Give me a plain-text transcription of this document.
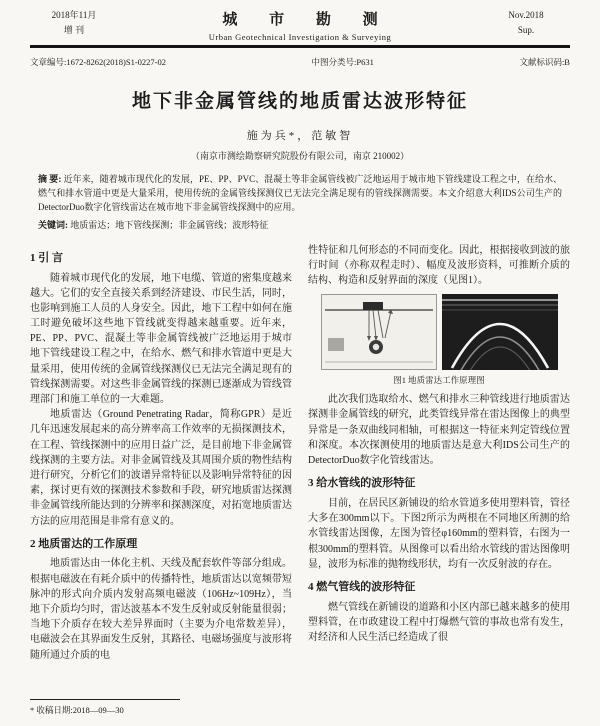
2018年11月
增 刊
城 市 勘 测
Urban Geotechnical Investigation & Surveying
Nov.2018
Sup.
文章编号:1672-8262(2018)S1-0227-02	中图分类号:P631	文献标识码:B
地下非金属管线的地质雷达波形特征
施为兵*，范敏智
（南京市测绘勘察研究院股份有限公司，南京 210002）

摘 要: 近年来，随着城市现代化的发展，PE、PP、PVC、混凝土等非金属管线被广泛地运用于城市地下管线建设工程之中，在给水、燃气和排水管道中更是大量采用，使用传统的金属管线探测仪已无法完全满足现有的管线探测需要。本文介绍意大利IDS公司生产的DetectorDuo数字化管线雷达在城市地下非金属管线探测中的应用。

关键词: 地质雷达；地下管线探测；非金属管线；波形特征

1 引 言

随着城市现代化的发展，地下电缆、管道的密集度越来越大。它们的安全直接关系到经济建设、市民生活，同时，也影响到施工人员的人身安全。因此，地下工程中如何在施工时避免破坏这些地下管线就变得越来越重要。近年来，PE、PP、PVC、混凝土等非金属管线被广泛地运用于城市地下管线建设工程之中，在给水、燃气和排水管道中更是大量采用，使用传统的金属管线探测仪已无法完全满足现有的管线探测需要。对这些非金属管线的探测已逐渐成为管线管理部门和施工单位的一大难题。

地质雷达（Ground Penetrating Radar，简称GPR）是近几年迅速发展起来的高分辨率高工作效率的无损探测技术，在工程、管线探测中的应用日益广泛，是目前地下非金属管线探测的主要方法。对非金属管线及其周围介质的物性结构进行研究，分析它们的波谱异常特征以及影响异常特征的因素，探讨更有效的探测技术参数和手段，研究地质雷达探测非金属管线所能达到的分辨率和探测深度，对拓宽地质雷达方法的应用范围是非常有意义的。

2 地质雷达的工作原理

地质雷达由一体化主机、天线及配套软件等部分组成。根据电磁波在有耗介质中的传播特性，地质雷达以宽频带短脉冲的形式向介质内发射高频电磁波（106Hz~109Hz），当地下介质均匀时，雷达波基本不发生反射或反射能量很弱；当地下介质存在较大差异界面时（主要为介电常数差异），电磁波会在其界面发生反射，其路径、电磁场强度与波形将随所通过介质的电

性特征和几何形态的不同而变化。因此，根据接收到波的旅行时间（亦称双程走时）、幅度及波形资料，可推断介质的结构、构造和反射界面的深度（见图1）。

图1 地质雷达工作原理图

此次我们选取给水、燃气和排水三种管线进行地质雷达探测非金属管线的研究，此类管线异常在雷达图像上的典型异常是一条双曲线同相轴，可根据这一特征来判定管线位置和深度。本次探测使用的地质雷达是意大利IDS公司生产的DetectorDuo数字化管线雷达。

3 给水管线的波形特征

目前，在居民区新铺设的给水管道多使用塑料管，管径大多在300mm以下。下图2所示为两根在不同地区所测的给水管线雷达图像，左图为管径φ160mm的塑料管，右图为一根300mm的塑料管。从图像可以看出给水管线的雷达图像明显，波形为标准的抛物线形状，均有一次反射波的存在。

4 燃气管线的波形特征

燃气管线在新铺设的道路和小区内部已越来越多的使用塑料管，在市政建设工程中打爆燃气管的事故也常有发生，对经济和人民生活已经造成了很

* 收稿日期:2018—09—30
